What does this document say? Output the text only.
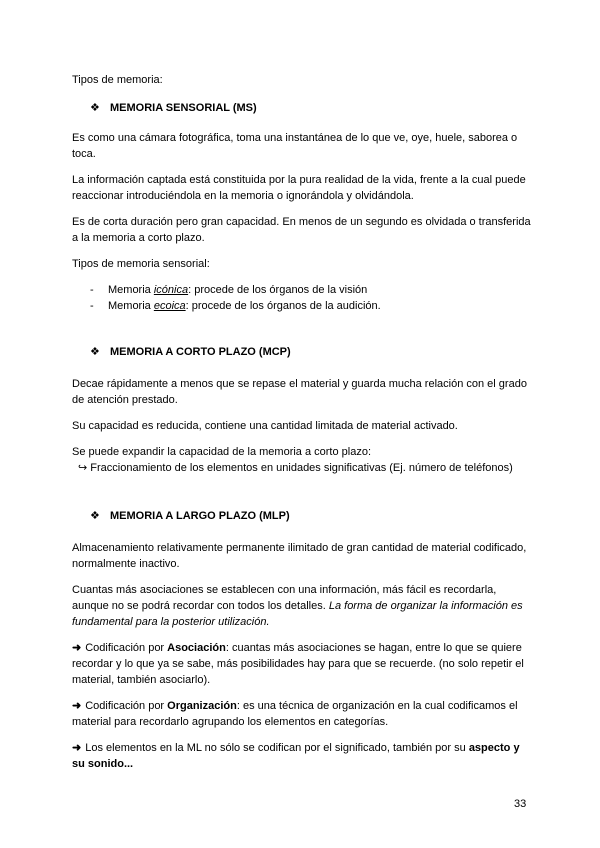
Tipos de memoria:

❖ MEMORIA SENSORIAL (MS)

Es como una cámara fotográfica, toma una instantánea de lo que ve, oye, huele, saborea o toca.

La información captada está constituida por la pura realidad de la vida, frente a la cual puede reaccionar introduciéndola en la memoria o ignorándola y olvidándola.

Es de corta duración pero gran capacidad. En menos de un segundo es olvidada o transferida a la memoria a corto plazo.

Tipos de memoria sensorial:

-	Memoria icónica: procede de los órganos de la visión
-	Memoria ecoica: procede de los órganos de la audición.

❖ MEMORIA A CORTO PLAZO (MCP)

Decae rápidamente a menos que se repase el material y guarda mucha relación con el grado de atención prestado.

Su capacidad es reducida, contiene una cantidad limitada de material activado.

Se puede expandir la capacidad de la memoria a corto plazo:

↪ Fraccionamiento de los elementos en unidades significativas (Ej. número de teléfonos)

❖ MEMORIA A LARGO PLAZO (MLP)

Almacenamiento relativamente permanente ilimitado de gran cantidad de material codificado, normalmente inactivo.

Cuantas más asociaciones se establecen con una información, más fácil es recordarla, aunque no se podrá recordar con todos los detalles. La forma de organizar la información es fundamental para la posterior utilización.

➜ Codificación por Asociación: cuantas más asociaciones se hagan, entre lo que se quiere recordar y lo que ya se sabe, más posibilidades hay para que se recuerde. (no solo repetir el material, también asociarlo).

➜ Codificación por Organización: es una técnica de organización en la cual codificamos el material para recordarlo agrupando los elementos en categorías.

➜ Los elementos en la ML no sólo se codifican por el significado, también por su aspecto y su sonido...

33
